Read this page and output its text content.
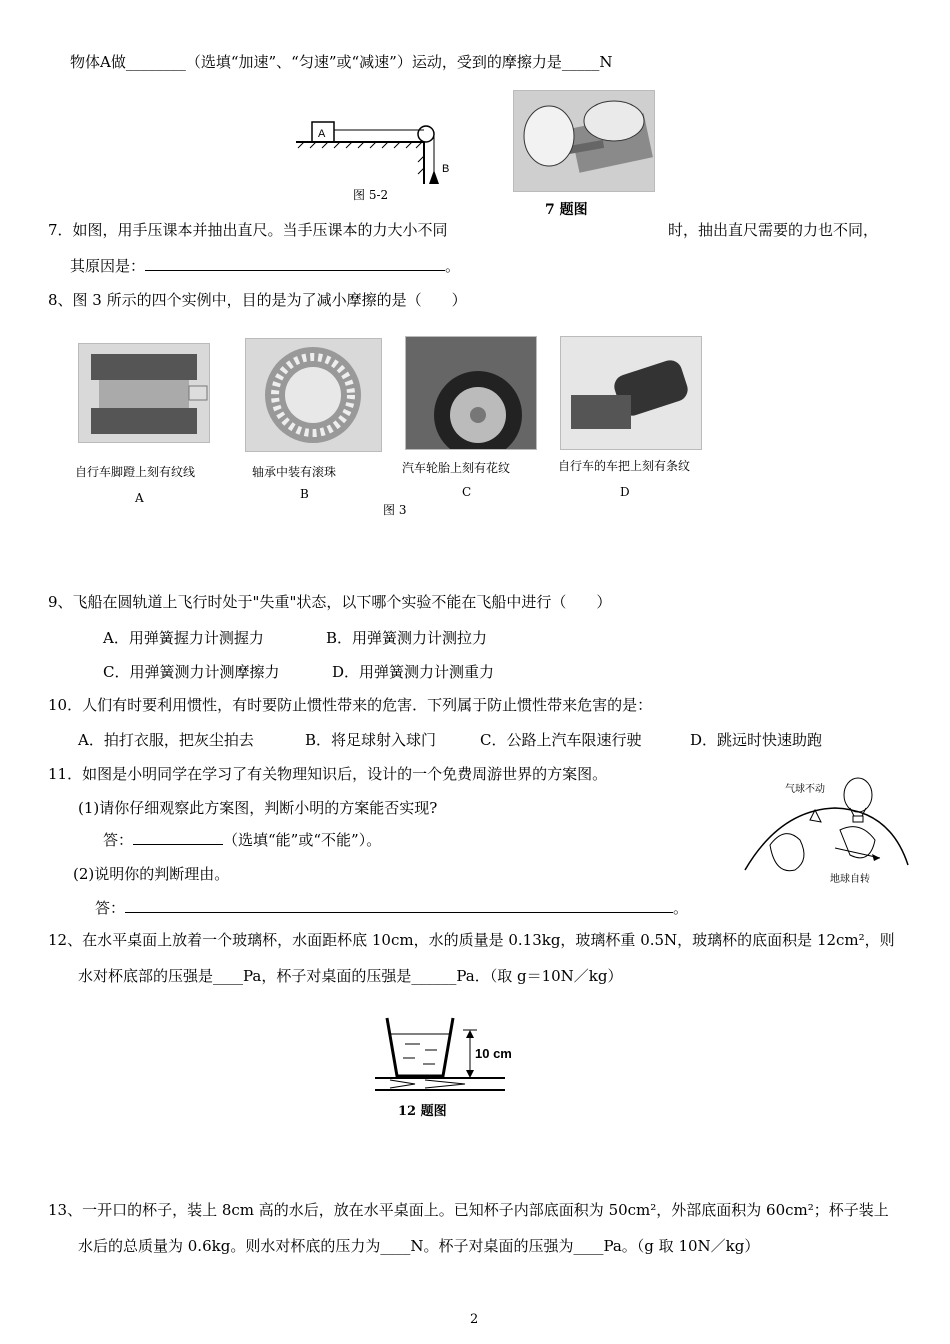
物体A做________（选填“加速”、“匀速”或“减速”）运动，受到的摩擦力是_____N
A
B
图 5-2
7 题图
7．如图，用手压课本并抽出直尺。当手压课本的力大小不同	时，抽出直尺需要的力也不同，
其原因是：	。
8、图 3 所示的四个实例中，目的是为了减小摩擦的是（　　）
自行车脚蹬上刻有纹线
A
轴承中装有滚珠
B
汽车轮胎上刻有花纹
C
自行车的车把上刻有条纹
D
图 3
9、飞船在圆轨道上飞行时处于"失重"状态，以下哪个实验不能在飞船中进行（　　）
A．用弹簧握力计测握力	B．用弹簧测力计测拉力
C．用弹簧测力计测摩擦力	D．用弹簧测力计测重力
10．人们有时要利用惯性，有时要防止惯性带来的危害．下列属于防止惯性带来危害的是：
A．拍打衣服，把灰尘拍去	B．将足球射入球门	C．公路上汽车限速行驶	D．跳远时快速助跑
11．如图是小明同学在学习了有关物理知识后，设计的一个免费周游世界的方案图。
(1)请你仔细观察此方案图，判断小明的方案能否实现?
答：	（选填“能”或“不能”）。
(2)说明你的判断理由。
答：	。
气球不动
地球自转
12、在水平桌面上放着一个玻璃杯，水面距杯底 10cm，水的质量是 0.13kg，玻璃杯重 0.5N，玻璃杯的底面积是 12cm²，则
水对杯底部的压强是____Pa，杯子对桌面的压强是______Pa．（取 g＝10N／kg）
10 cm
12 题图
13、一开口的杯子，装上 8cm 高的水后，放在水平桌面上。已知杯子内部底面积为 50cm²，外部底面积为 60cm²；杯子装上
水后的总质量为 0.6kg。则水对杯底的压力为____N。杯子对桌面的压强为____Pa。（g 取 10N／kg）
2
